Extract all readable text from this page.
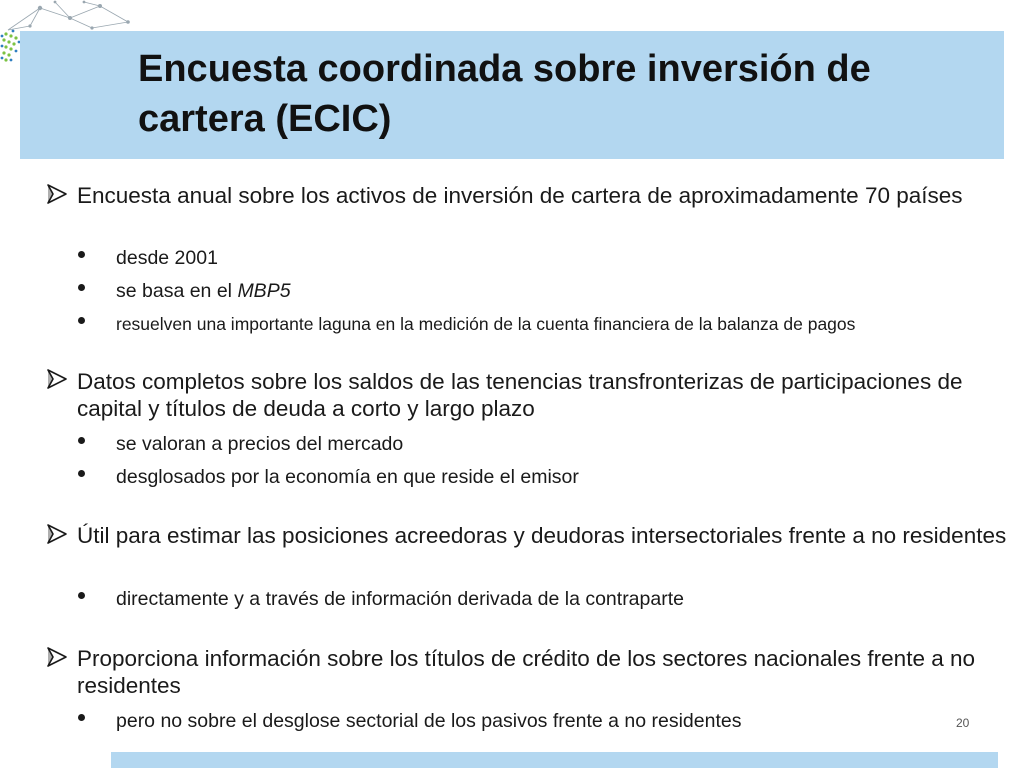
Encuesta coordinada sobre inversión de cartera (ECIC)
Encuesta anual sobre los activos de inversión de cartera de aproximadamente 70 países
desde 2001
se basa en el MBP5
resuelven una importante laguna en la medición de la cuenta financiera de la balanza de pagos
Datos completos sobre los saldos de las tenencias transfronterizas de participaciones de capital y títulos de deuda a corto y largo plazo
se valoran a precios del mercado
desglosados por la economía en que reside el emisor
Útil para estimar las posiciones acreedoras y deudoras intersectoriales frente a no residentes
directamente y a través de información derivada de la contraparte
Proporciona información sobre los títulos de crédito de los sectores nacionales frente a no residentes
pero no sobre el desglose sectorial de los pasivos frente a no residentes	20
